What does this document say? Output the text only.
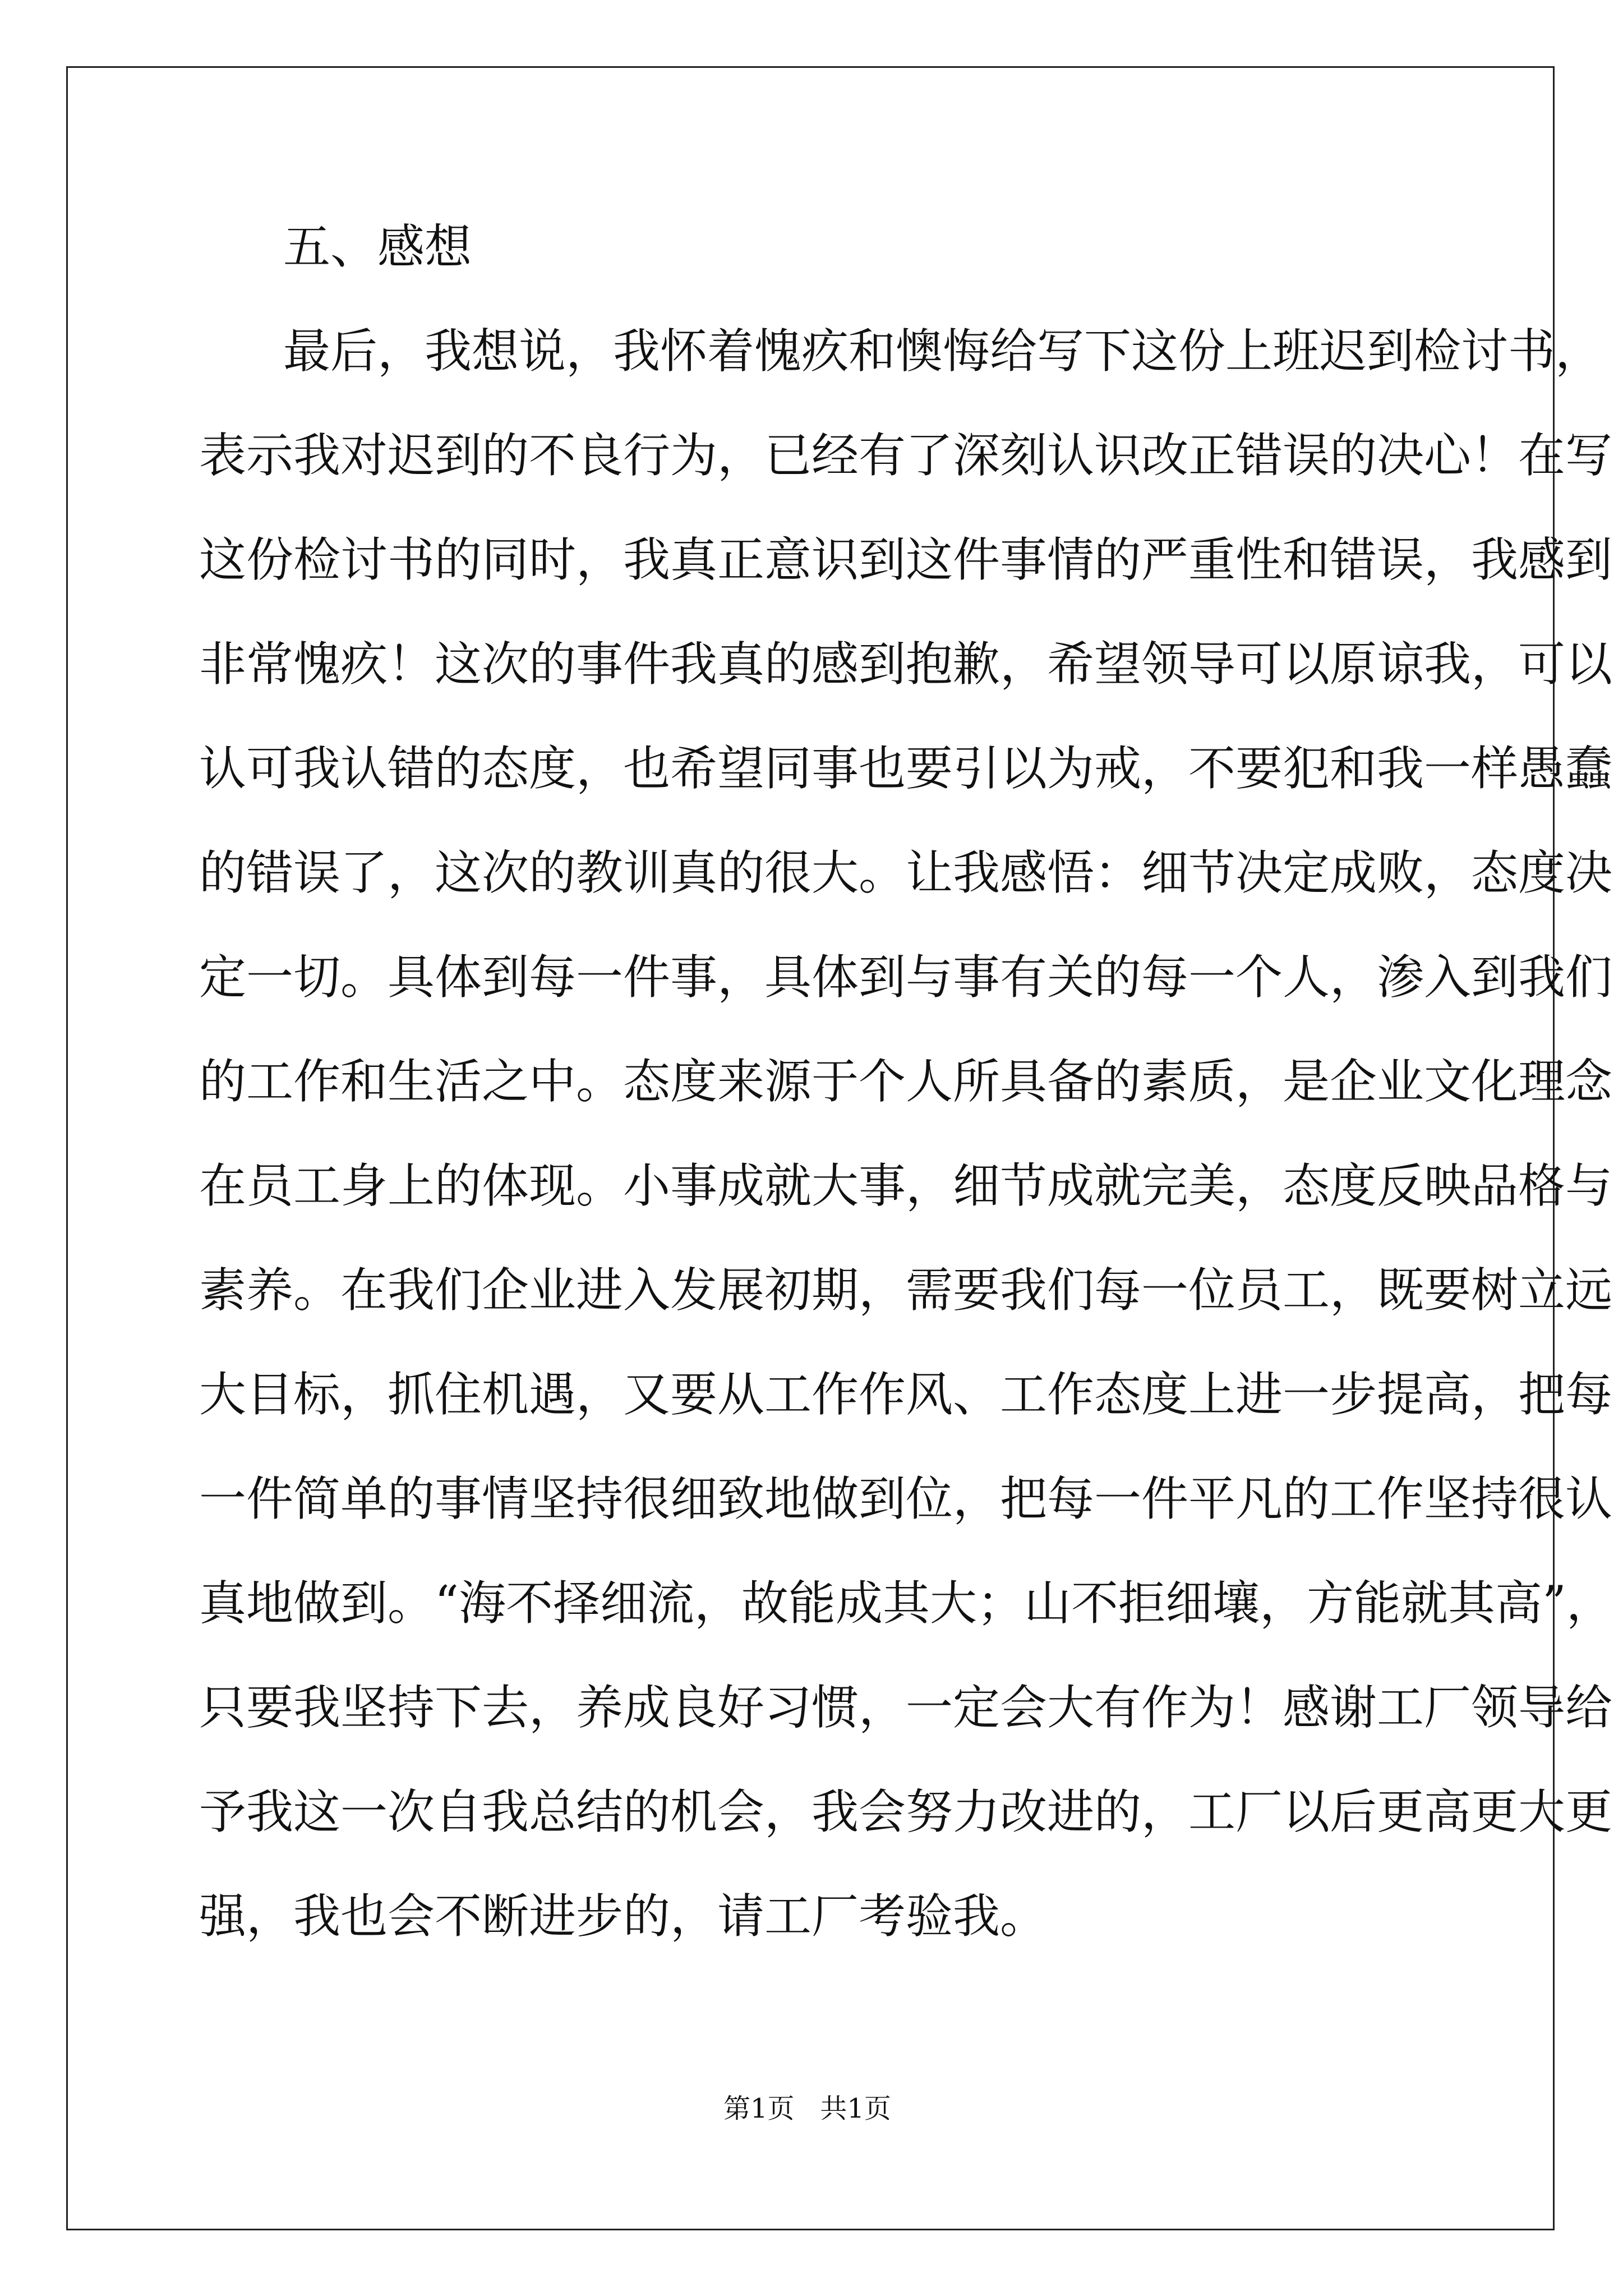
五、感想
最后，我想说，我怀着愧疚和懊悔给写下这份上班迟到检讨书，
表示我对迟到的不良行为，已经有了深刻认识改正错误的决心！在写
这份检讨书的同时，我真正意识到这件事情的严重性和错误，我感到
非常愧疚！这次的事件我真的感到抱歉，希望领导可以原谅我，可以
认可我认错的态度，也希望同事也要引以为戒，不要犯和我一样愚蠢
的错误了，这次的教训真的很大。让我感悟：细节决定成败，态度决
定一切。具体到每一件事，具体到与事有关的每一个人，渗入到我们
的工作和生活之中。态度来源于个人所具备的素质，是企业文化理念
在员工身上的体现。小事成就大事，细节成就完美，态度反映品格与
素养。在我们企业进入发展初期，需要我们每一位员工，既要树立远
大目标，抓住机遇，又要从工作作风、工作态度上进一步提高，把每
一件简单的事情坚持很细致地做到位，把每一件平凡的工作坚持很认
真地做到。“海不择细流，故能成其大；山不拒细壤，方能就其高”，
只要我坚持下去，养成良好习惯，一定会大有作为！感谢工厂领导给
予我这一次自我总结的机会，我会努力改进的，工厂以后更高更大更
强，我也会不断进步的，请工厂考验我。
第1页 共1页
